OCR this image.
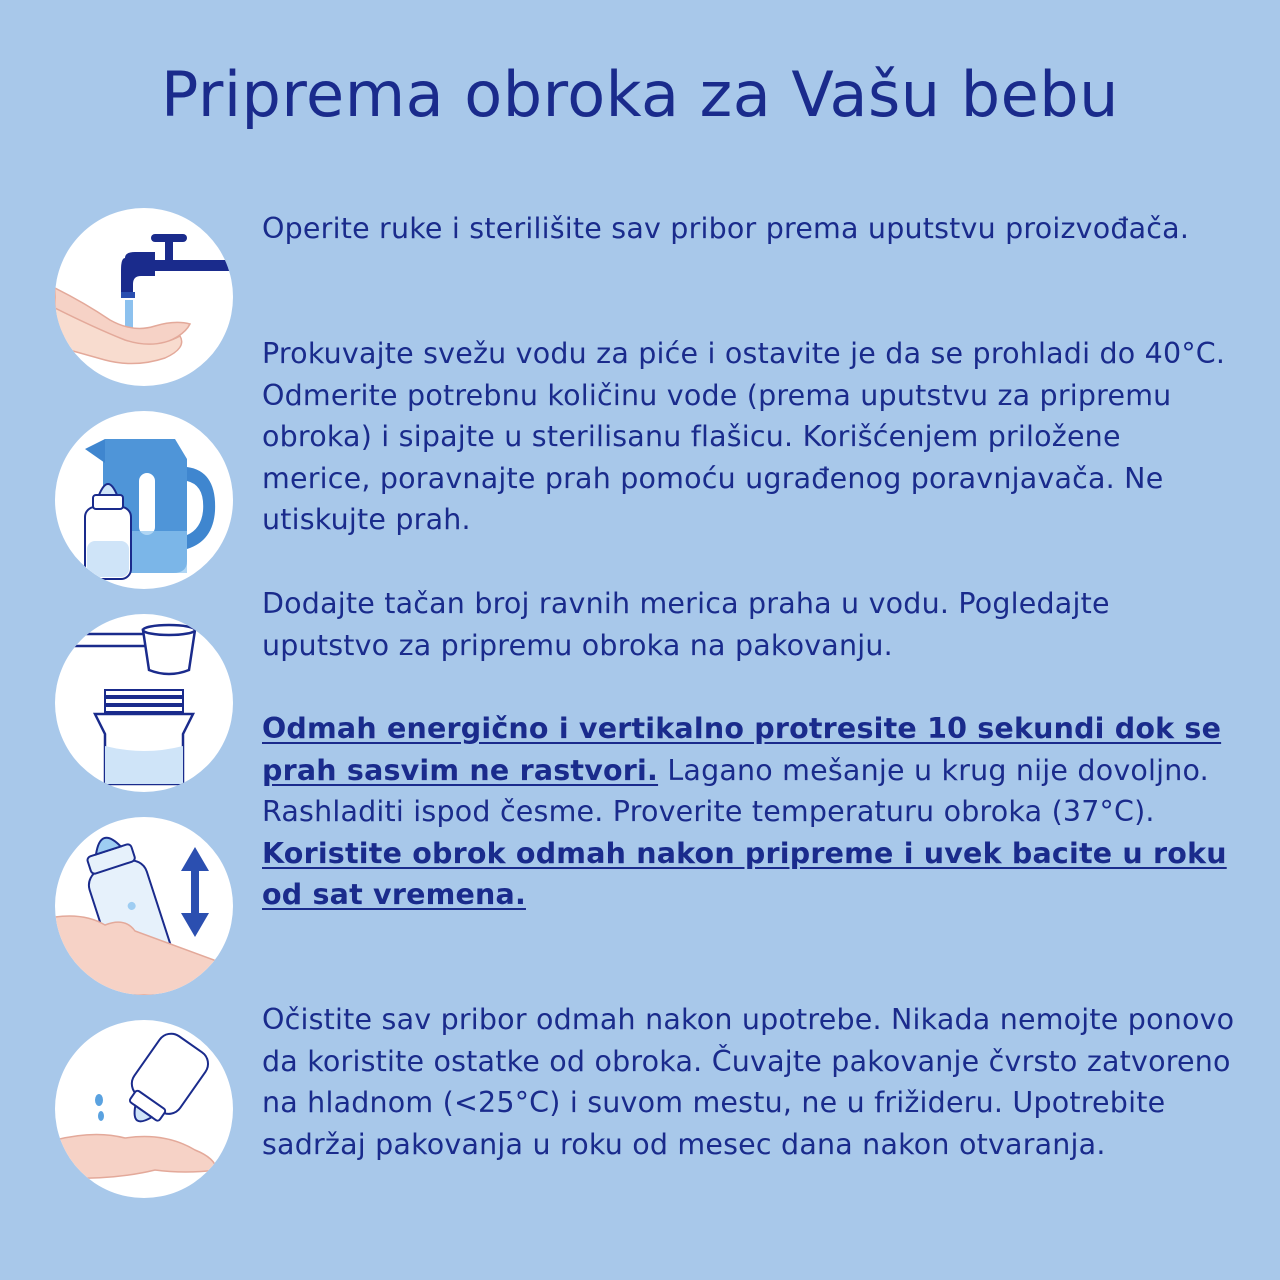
Priprema obroka za Vašu bebu

Operite ruke i sterilišite sav pribor prema uputstvu proizvođača.

Prokuvajte svežu vodu za piće i ostavite je da se prohladi do 40°C. Odmerite potrebnu količinu vode (prema uputstvu za pripremu obroka) i sipajte u sterilisanu flašicu. Korišćenjem priložene merice, poravnajte prah pomoću ugrađenog poravnjavača. Ne utiskujte prah.

Dodajte tačan broj ravnih merica praha u vodu. Pogledajte uputstvo za pripremu obroka na pakovanju.

Odmah energično i vertikalno protresite 10 sekundi dok se prah sasvim ne rastvori. Lagano mešanje u krug nije dovoljno.

Rashladiti ispod česme. Proverite temperaturu obroka (37°C). Koristite obrok odmah nakon pripreme i uvek bacite u roku od sat vremena.

Očistite sav pribor odmah nakon upotrebe. Nikada nemojte ponovo da koristite ostatke od obroka. Čuvajte pakovanje čvrsto zatvoreno na hladnom (<25°C) i suvom mestu, ne u frižideru. Upotrebite sadržaj pakovanja u roku od mesec dana nakon otvaranja.
